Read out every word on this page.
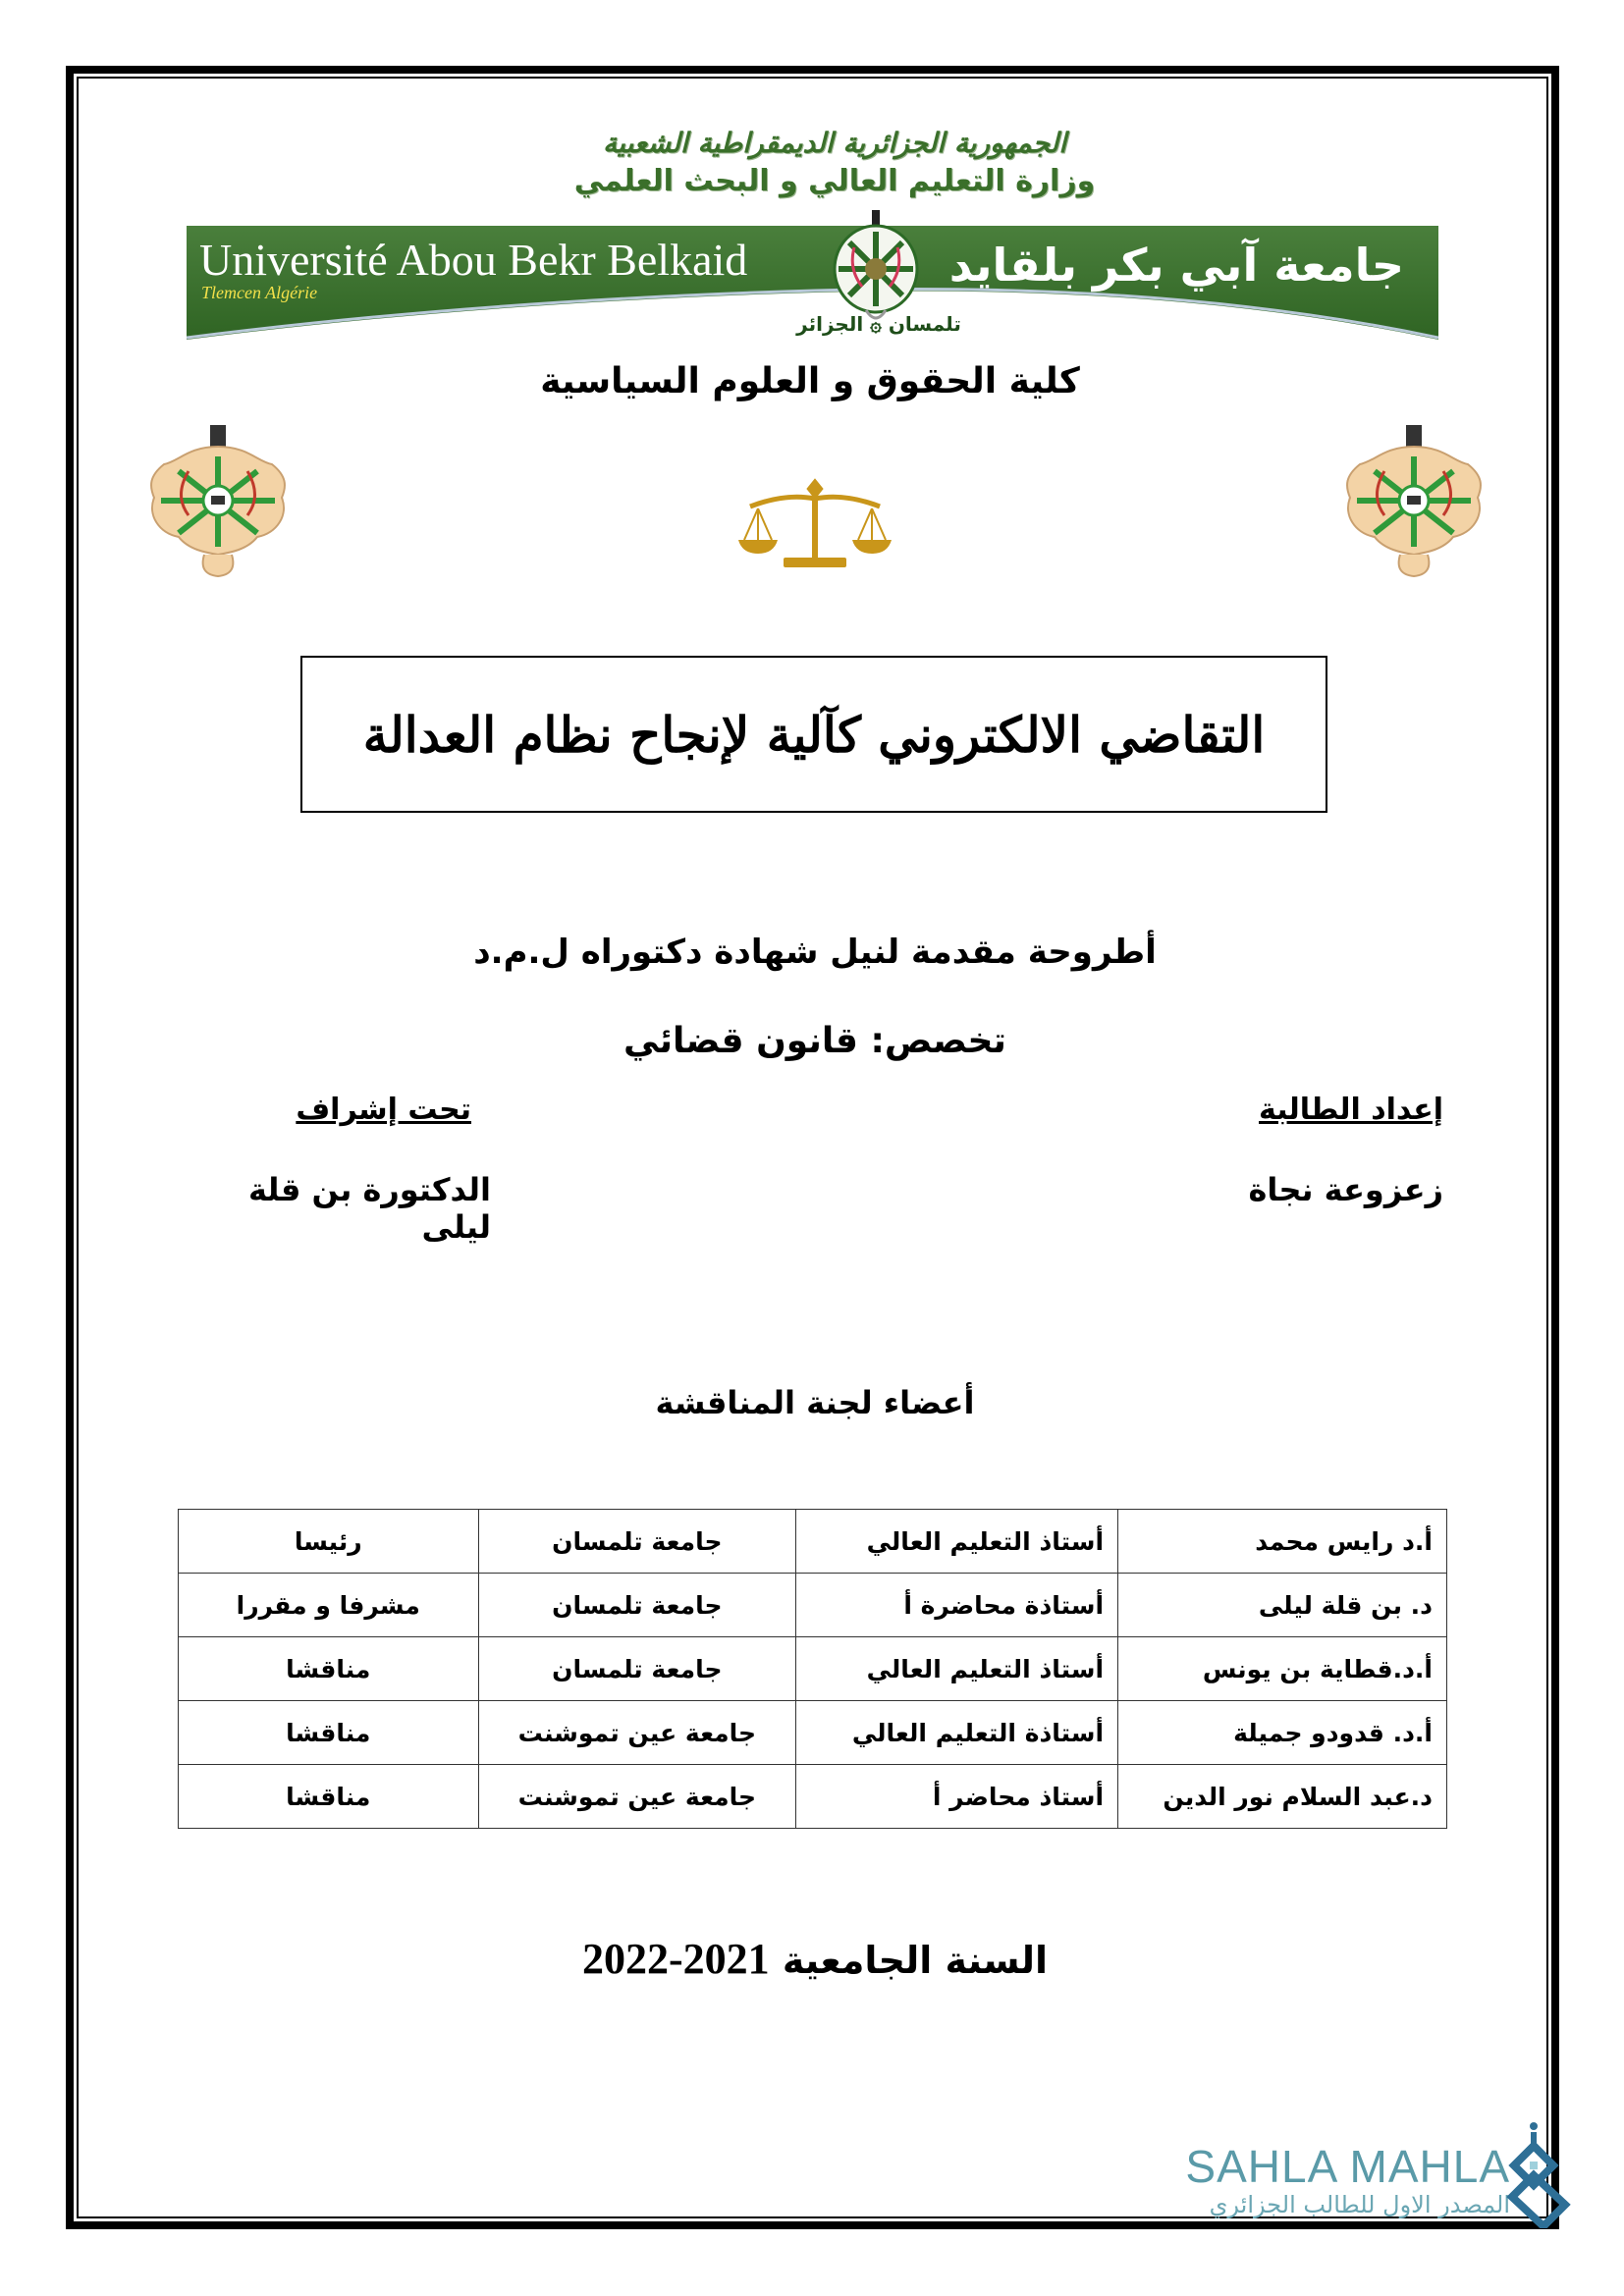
الجمهورية الجزائرية الديمقراطية الشعبية
وزارة التعليم العالي و البحث العلمي
Université Abou Bekr Belkaid
Tlemcen Algérie
جامعة آبي بكر بلقايد
تلمسان ۞ الجزائر
كلية الحقوق و العلوم السياسية
التقاضي الالكتروني كآلية لإنجاح نظام العدالة
أطروحة مقدمة لنيل شهادة دكتوراه ل.م.د
تخصص: قانون قضائي
إعداد الطالبة
زعزوعة نجاة
تحت إشراف
الدكتورة بن قلة ليلى
أعضاء لجنة المناقشة
أ.د رايس محمد	أستاذ التعليم العالي	جامعة تلمسان	رئيسا
د. بن قلة ليلى	أستاذة محاضرة أ	جامعة تلمسان	مشرفا و مقررا
أ.د.قطاية بن يونس	أستاذ التعليم العالي	جامعة تلمسان	مناقشا
أ.د. قدودو جميلة	أستاذة التعليم العالي	جامعة عين تموشنت	مناقشا
د.عبد السلام نور الدين	أستاذ محاضر أ	جامعة عين تموشنت	مناقشا
السنة الجامعية 2022-2021
SAHLA MAHLA
المصدر الاول للطالب الجزائري
